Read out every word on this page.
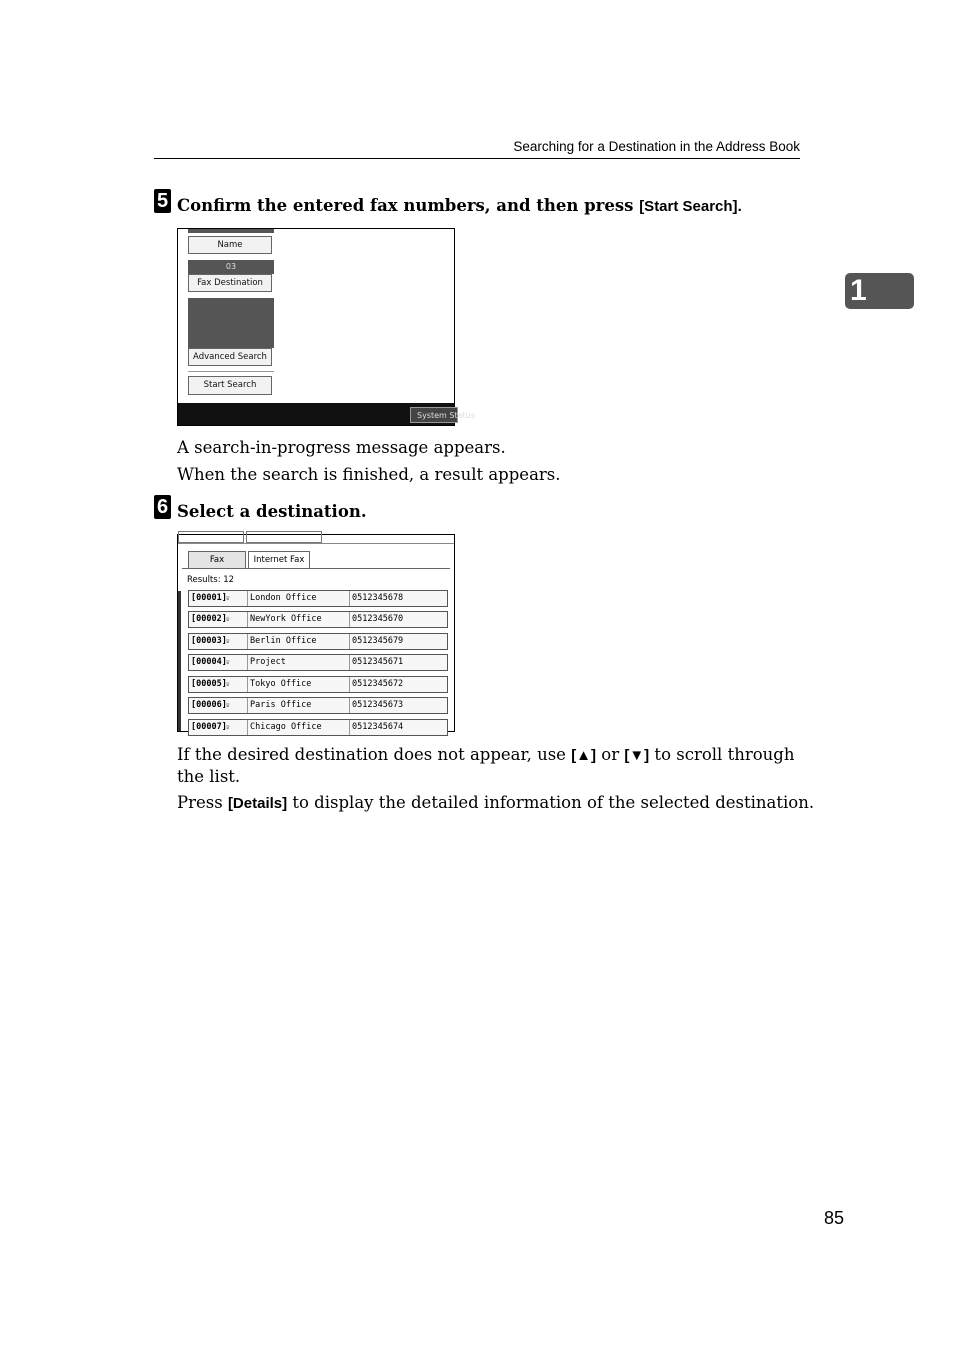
Searching for a Destination in the Address Book
1
5 Confirm the entered fax numbers, and then press [Start Search].
Name
03
Fax Destination
Advanced Search
Start Search
System Status
A search-in-progress message appears.
When the search is finished, a result appears.
6 Select a destination.
Fax	Internet Fax
Results: 12
[00001] ☏	London Office	0512345678
[00002] ☏	NewYork Office	0512345670
[00003] ☏	Berlin Office	0512345679
[00004] ☏	Project	0512345671
[00005] ☏	Tokyo Office	0512345672
[00006] ☏	Paris Office	0512345673
[00007] ☏	Chicago Office	0512345674
If the desired destination does not appear, use [▲] or [▼] to scroll through the list.
Press [Details] to display the detailed information of the selected destination.
85
